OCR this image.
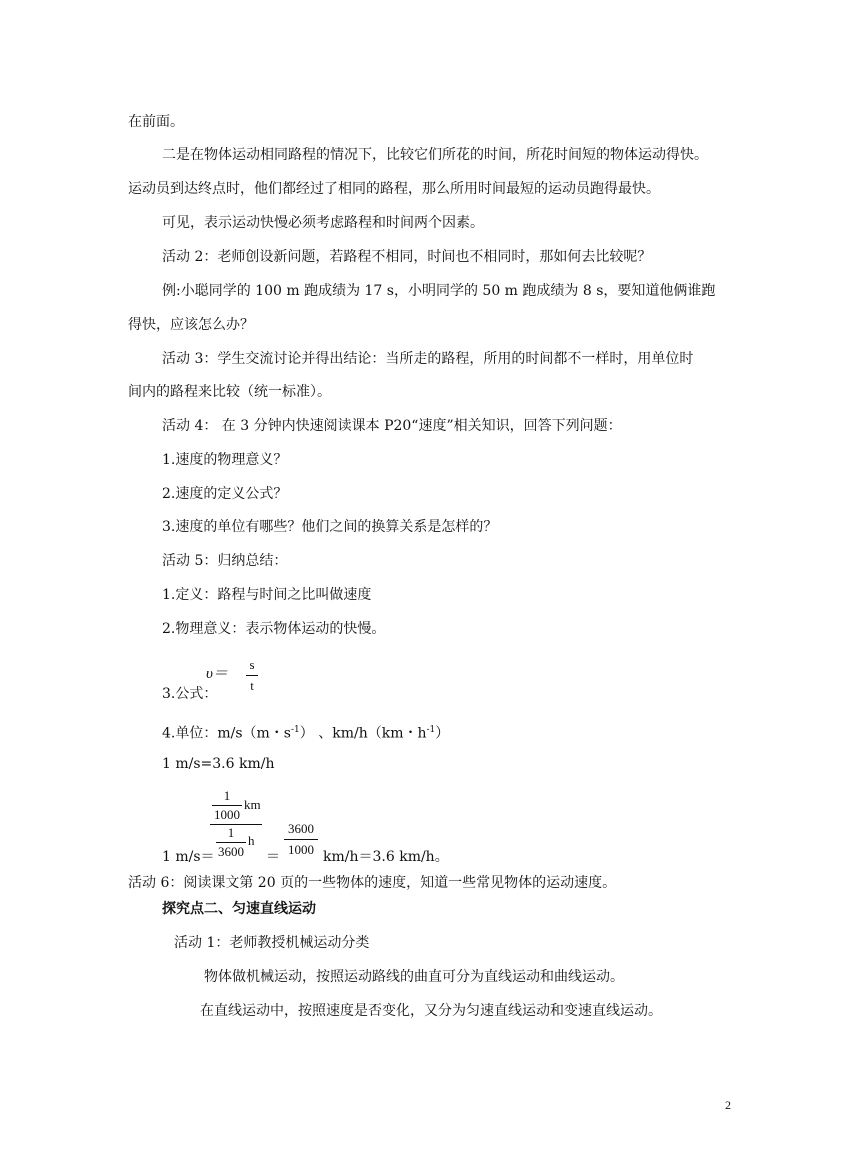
在前面。
二是在物体运动相同路程的情况下，比较它们所花的时间，所花时间短的物体运动得快。
运动员到达终点时，他们都经过了相同的路程，那么所用时间最短的运动员跑得最快。
可见，表示运动快慢必须考虑路程和时间两个因素。
活动 2：老师创设新问题，若路程不相同，时间也不相同时，那如何去比较呢？
例:小聪同学的 100 m 跑成绩为 17 s，小明同学的 50 m 跑成绩为 8 s，要知道他俩谁跑
得快，应该怎么办？
活动 3：学生交流讨论并得出结论：当所走的路程，所用的时间都不一样时，用单位时
间内的路程来比较（统一标准）。
活动 4： 在 3 分钟内快速阅读课本 P20“速度”相关知识，回答下列问题：
1.速度的物理意义？
2.速度的定义公式？
3.速度的单位有哪些？他们之间的换算关系是怎样的？
活动 5：归纳总结：
1.定义：路程与时间之比叫做速度
2.物理意义：表示物体运动的快慢。
υ＝
s
t
3.公式：
4.单位：m/s（m・$s^{-1}$） 、km/h（km・$h^{-1}$）
1 m/s=3.6 km/h
1
1000
km
1
3600
h
1 m/s＝	＝
3600
1000 km/h＝3.6 km/h。
活动 6：阅读课文第 20 页的一些物体的速度，知道一些常见物体的运动速度。
探究点二、匀速直线运动
活动 1：老师教授机械运动分类
物体做机械运动，按照运动路线的曲直可分为直线运动和曲线运动。
在直线运动中，按照速度是否变化，又分为匀速直线运动和变速直线运动。
2
